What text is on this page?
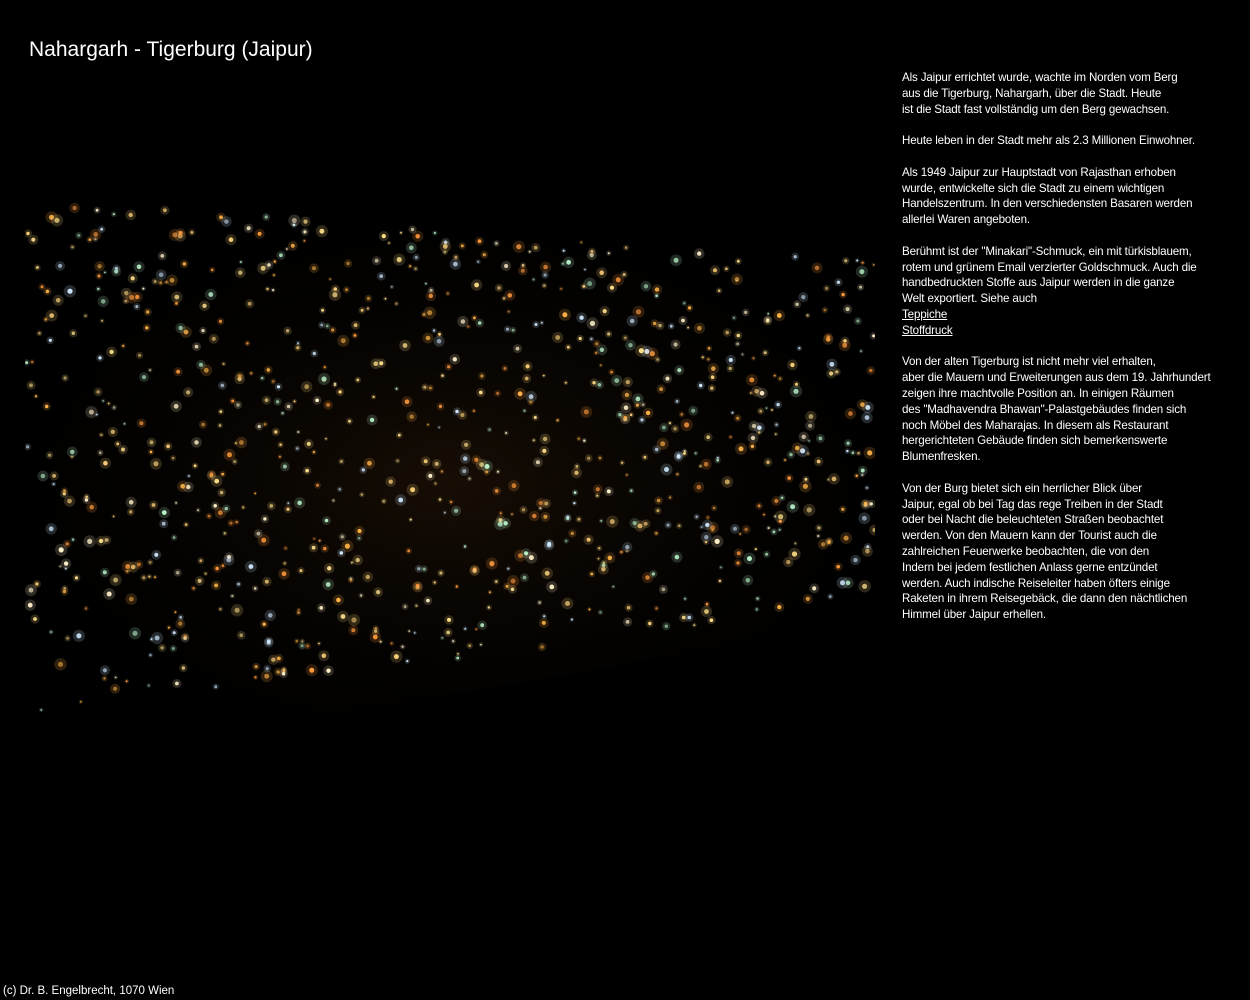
Nahargarh - Tigerburg (Jaipur)

Als Jaipur errichtet wurde, wachte im Norden vom Berg
aus die Tigerburg, Nahargarh, über die Stadt. Heute
ist die Stadt fast vollständig um den Berg gewachsen.

Heute leben in der Stadt mehr als 2.3 Millionen Einwohner.

Als 1949 Jaipur zur Hauptstadt von Rajasthan erhoben
wurde, entwickelte sich die Stadt zu einem wichtigen
Handelszentrum. In den verschiedensten Basaren werden
allerlei Waren angeboten.

Berühmt ist der "Minakari"-Schmuck, ein mit türkisblauem,
rotem und grünem Email verzierter Goldschmuck. Auch die
handbedruckten Stoffe aus Jaipur werden in die ganze
Welt exportiert. Siehe auch
Teppiche
Stoffdruck

Von der alten Tigerburg ist nicht mehr viel erhalten,
aber die Mauern und Erweiterungen aus dem 19. Jahrhundert
zeigen ihre machtvolle Position an. In einigen Räumen
des "Madhavendra Bhawan"-Palastgebäudes finden sich
noch Möbel des Maharajas. In diesem als Restaurant
hergerichteten Gebäude finden sich bemerkenswerte
Blumenfresken.

Von der Burg bietet sich ein herrlicher Blick über
Jaipur, egal ob bei Tag das rege Treiben in der Stadt
oder bei Nacht die beleuchteten Straßen beobachtet
werden. Von den Mauern kann der Tourist auch die
zahlreichen Feuerwerke beobachten, die von den
Indern bei jedem festlichen Anlass gerne entzündet
werden. Auch indische Reiseleiter haben öfters einige
Raketen in ihrem Reisegebäck, die dann den nächtlichen
Himmel über Jaipur erhellen.

(c) Dr. B. Engelbrecht, 1070 Wien
